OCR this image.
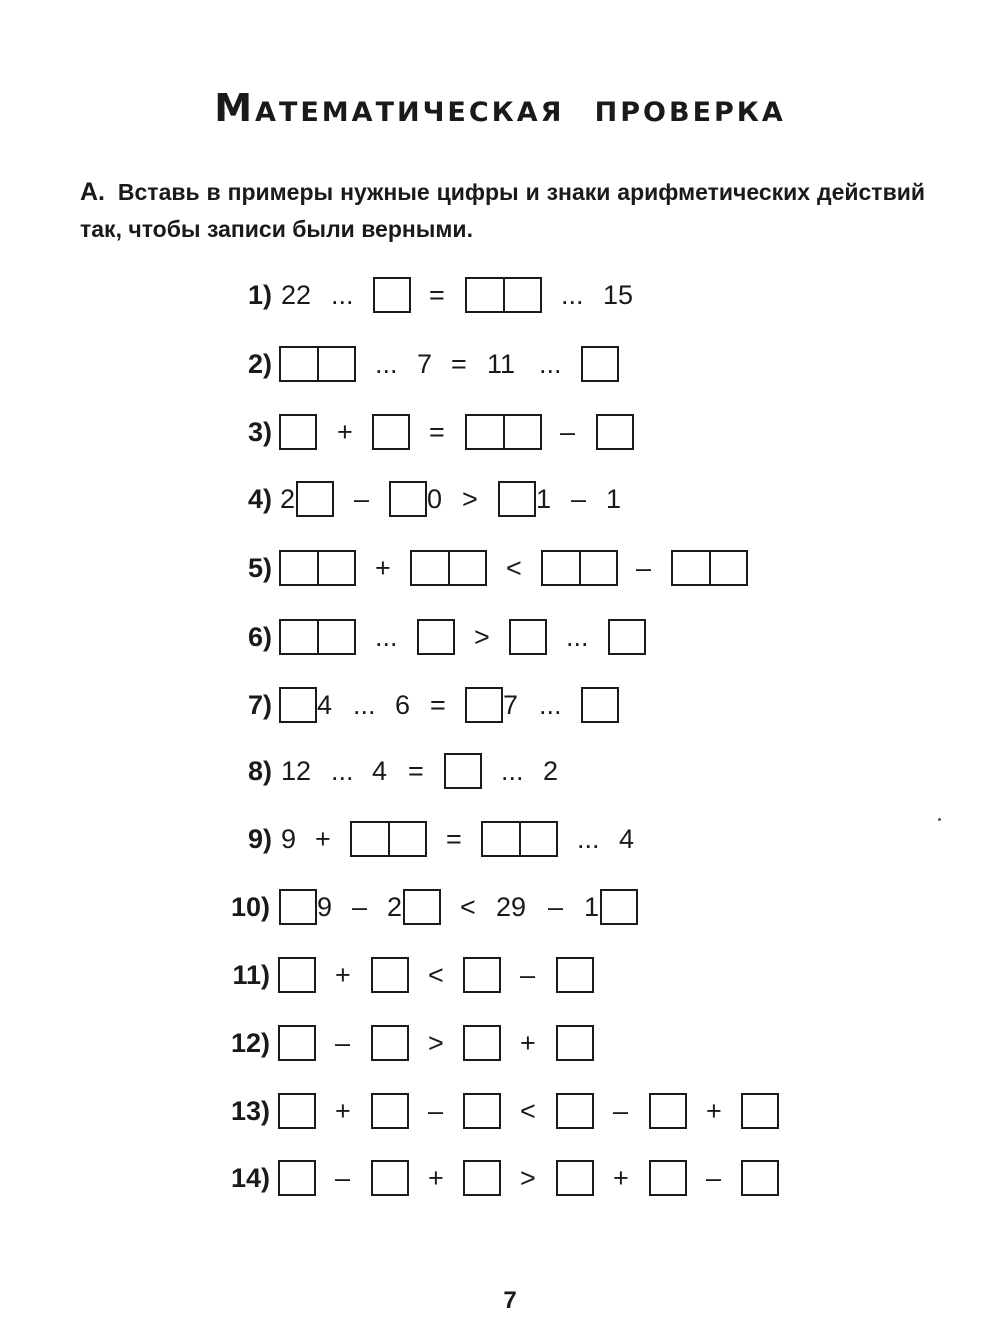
Математическая проверка
А. Вставь в примеры нужные цифры и знаки арифметических действий так, чтобы записи были верными.
1) 22 ...	=	... 15
2)	... 7 = 11 ...
3) +	=	–
4) 2 – 0 > 1 – 1
5)	+	<	–
6)	...	>	...
7) 4 ... 6 = 7 ...
8) 12 ... 4 =	... 2
9) 9 +	=	... 4
10) 9 – 2 < 29 – 1
11) +	<	–
12) –	>	+
13) +	–	<	–	+
14) –	+	>	+	–
7
